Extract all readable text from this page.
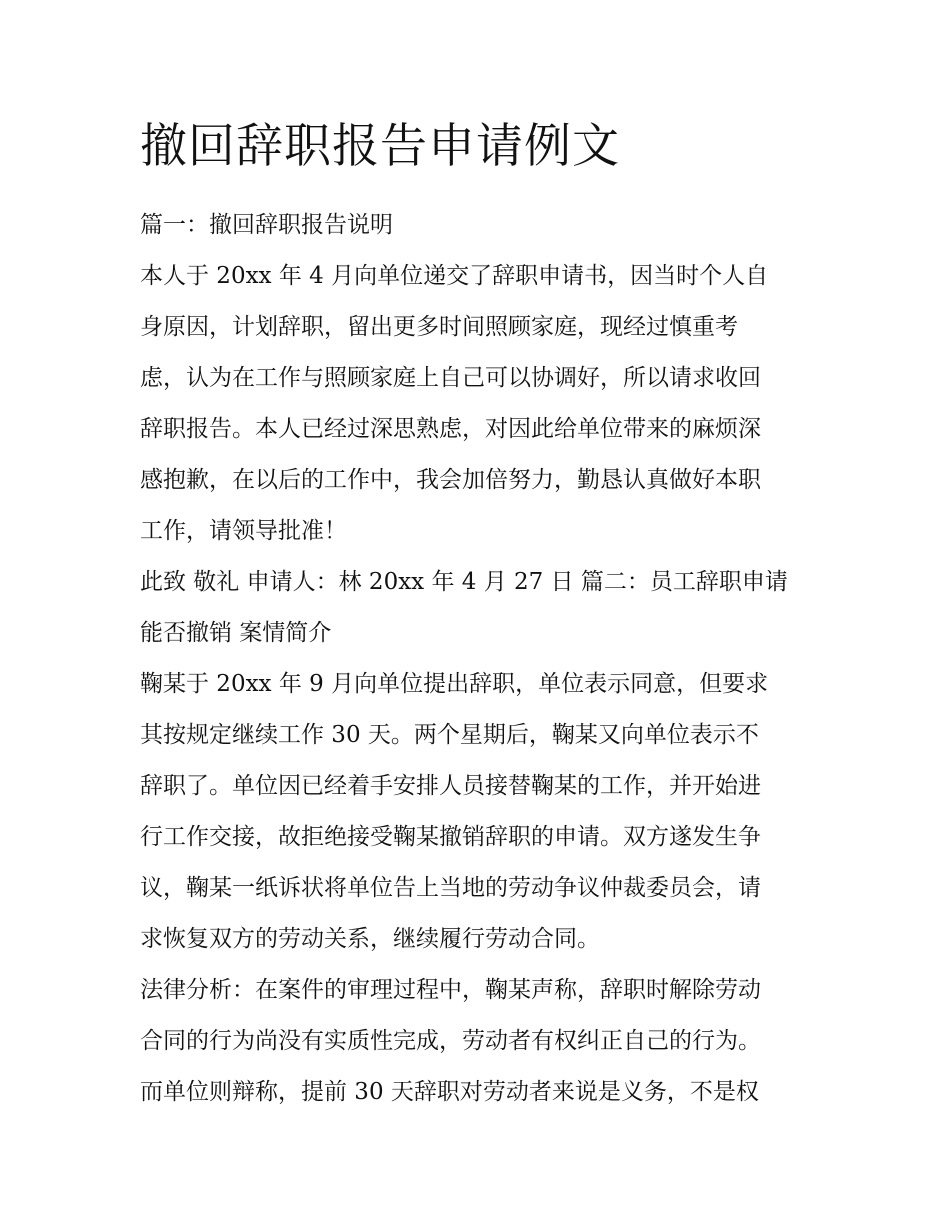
撤回辞职报告申请例文

篇一：撤回辞职报告说明

本人于 20xx 年 4 月向单位递交了辞职申请书，因当时个人自
身原因，计划辞职，留出更多时间照顾家庭，现经过慎重考
虑，认为在工作与照顾家庭上自己可以协调好，所以请求收回
辞职报告。本人已经过深思熟虑，对因此给单位带来的麻烦深
感抱歉，在以后的工作中，我会加倍努力，勤恳认真做好本职
工作，请领导批准！

此致 敬礼 申请人：林 20xx 年 4 月 27 日 篇二：员工辞职申请
能否撤销 案情简介

鞠某于 20xx 年 9 月向单位提出辞职，单位表示同意，但要求
其按规定继续工作 30 天。两个星期后，鞠某又向单位表示不
辞职了。单位因已经着手安排人员接替鞠某的工作，并开始进
行工作交接，故拒绝接受鞠某撤销辞职的申请。双方遂发生争
议，鞠某一纸诉状将单位告上当地的劳动争议仲裁委员会，请
求恢复双方的劳动关系，继续履行劳动合同。

法律分析：在案件的审理过程中，鞠某声称，辞职时解除劳动
合同的行为尚没有实质性完成，劳动者有权纠正自己的行为。
而单位则辩称，提前 30 天辞职对劳动者来说是义务，不是权
